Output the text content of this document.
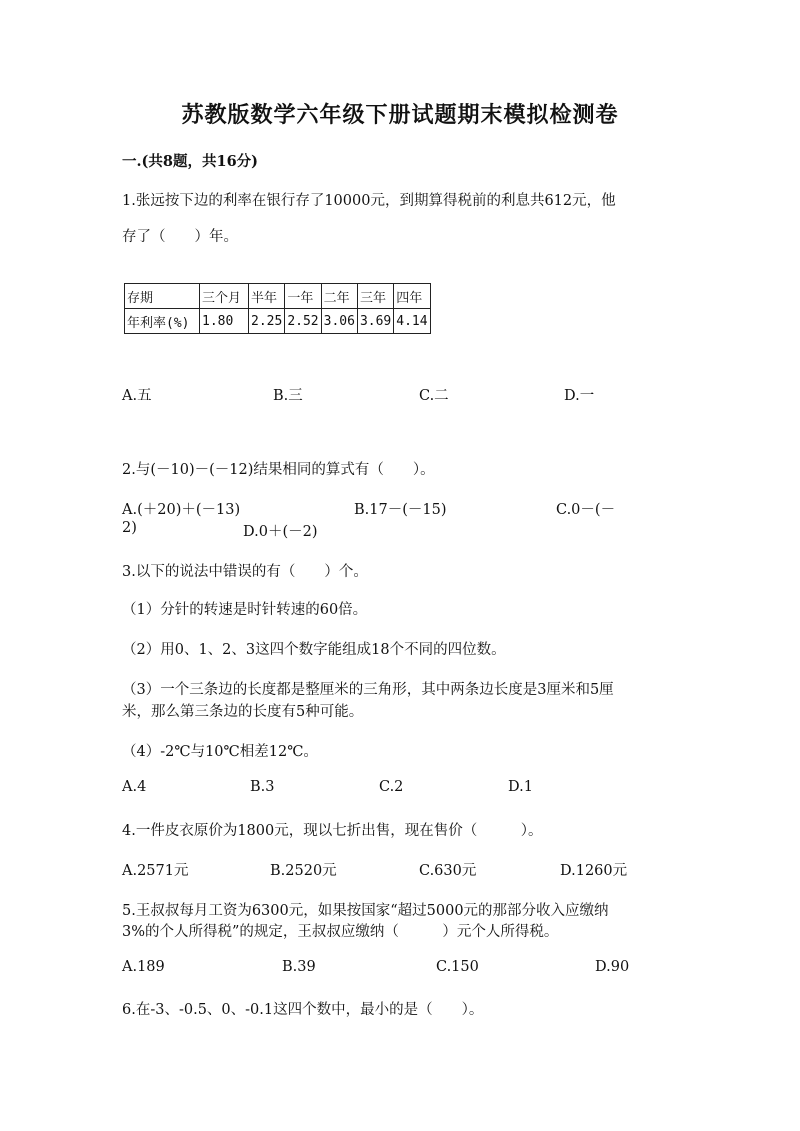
苏教版数学六年级下册试题期末模拟检测卷
一.(共8题，共16分)
1.张远按下边的利率在银行存了10000元，到期算得税前的利息共612元，他
存了（　　）年。
存期	三个月	半年	一年	二年	三年	四年
年利率(%)	1.80	2.25	2.52	3.06	3.69	4.14
A.五	B.三	C.二	D.一
2.与(－10)－(－12)结果相同的算式有（　　）。
A.(＋20)＋(－13)	B.17－(－15)	C.0－(－
2)	D.0＋(－2)
3.以下的说法中错误的有（　　）个。
（1）分针的转速是时针转速的60倍。
（2）用0、1、2、3这四个数字能组成18个不同的四位数。
（3）一个三条边的长度都是整厘米的三角形，其中两条边长度是3厘米和5厘
米，那么第三条边的长度有5种可能。
（4）-2℃与10℃相差12℃。
A.4	B.3	C.2	D.1
4.一件皮衣原价为1800元，现以七折出售，现在售价（　　　）。
A.2571元	B.2520元	C.630元	D.1260元
5.王叔叔每月工资为6300元，如果按国家“超过5000元的那部分收入应缴纳
3%的个人所得税”的规定，王叔叔应缴纳（　　　）元个人所得税。
A.189	B.39	C.150	D.90
6.在-3、-0.5、0、-0.1这四个数中，最小的是（　　）。
